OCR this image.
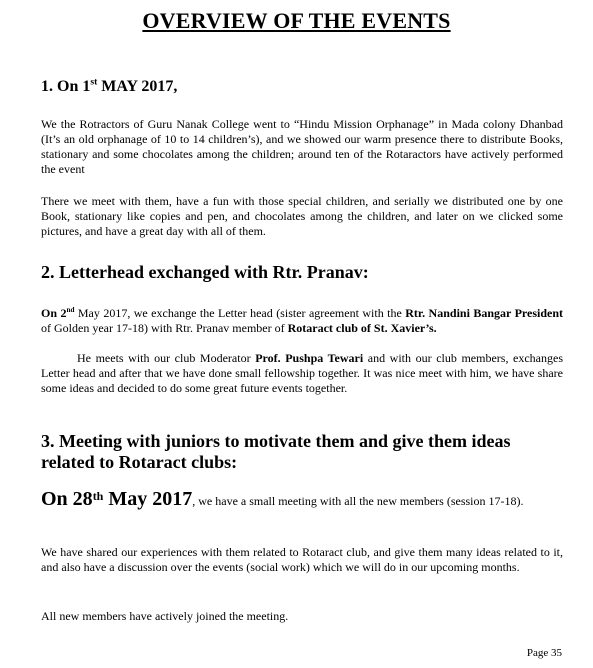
OVERVIEW OF THE EVENTS
1. On 1st MAY 2017,
We the Rotractors of Guru Nanak College went to “Hindu Mission Orphanage” in Mada colony Dhanbad (It’s an old orphanage of 10 to 14 children’s), and we showed our warm presence there to distribute Books, stationary and some chocolates among the children; around ten of the Rotaractors have actively performed the event
There we meet with them, have a fun with those special children, and serially we distributed one by one Book, stationary like copies and pen, and chocolates among the children, and later on we clicked some pictures, and have a great day with all of them.
2. Letterhead exchanged with Rtr. Pranav:
On 2nd May 2017, we exchange the Letter head (sister agreement with the Rtr. Nandini Bangar President of Golden year 17-18) with Rtr. Pranav member of Rotaract club of St. Xavier’s.
He meets with our club Moderator Prof. Pushpa Tewari and with our club members, exchanges Letter head and after that we have done small fellowship together. It was nice meet with him, we have share some ideas and decided to do some great future events together.
3. Meeting with juniors to motivate them and give them ideas related to Rotaract clubs:
On 28th May 2017, we have a small meeting with all the new members (session 17-18).
We have shared our experiences with them related to Rotaract club, and give them many ideas related to it, and also have a discussion over the events (social work) which we will do in our upcoming months.
All new members have actively joined the meeting.
Page 35
